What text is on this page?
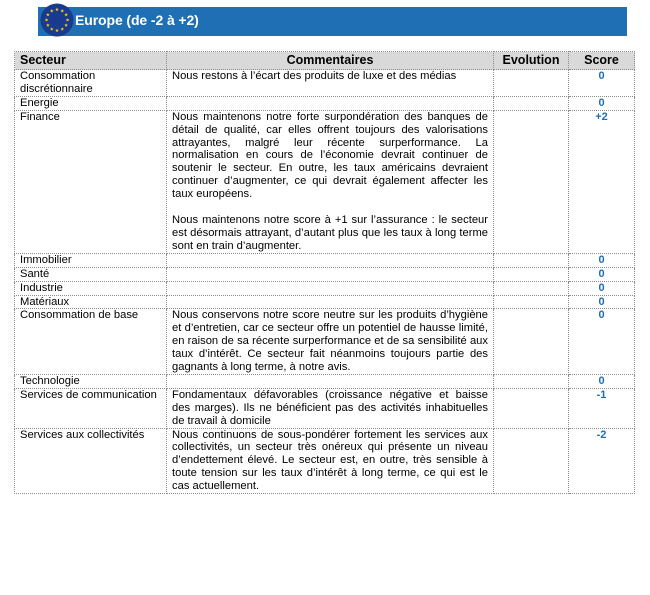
Europe (de -2 à +2)
Secteur	Commentaires	Evolution	Score
Consommation discrétionnaire	Nous restons à l’écart des produits de luxe et des médias		0
Energie			0
Finance	Nous maintenons notre forte surpondération des banques de détail de qualité, car elles offrent toujours des valorisations attrayantes, malgré leur récente surperformance. La normalisation en cours de l’économie devrait continuer de soutenir le secteur. En outre, les taux américains devraient continuer d’augmenter, ce qui devrait également affecter les taux européens.

Nous maintenons notre score à +1 sur l’assurance : le secteur est désormais attrayant, d’autant plus que les taux à long terme sont en train d’augmenter.		+2
Immobilier			0
Santé			0
Industrie			0
Matériaux			0
Consommation de base	Nous conservons notre score neutre sur les produits d’hygiène et d’entretien, car ce secteur offre un potentiel de hausse limité, en raison de sa récente surperformance et de sa sensibilité aux taux d’intérêt. Ce secteur fait néanmoins toujours partie des gagnants à long terme, à notre avis.		0
Technologie			0
Services de communication	Fondamentaux défavorables (croissance négative et baisse des marges). Ils ne bénéficient pas des activités inhabituelles de travail à domicile		-1
Services aux collectivités	Nous continuons de sous-pondérer fortement les services aux collectivités, un secteur très onéreux qui présente un niveau d’endettement élevé. Le secteur est, en outre, très sensible à toute tension sur les taux d’intérêt à long terme, ce qui est le cas actuellement.		-2
